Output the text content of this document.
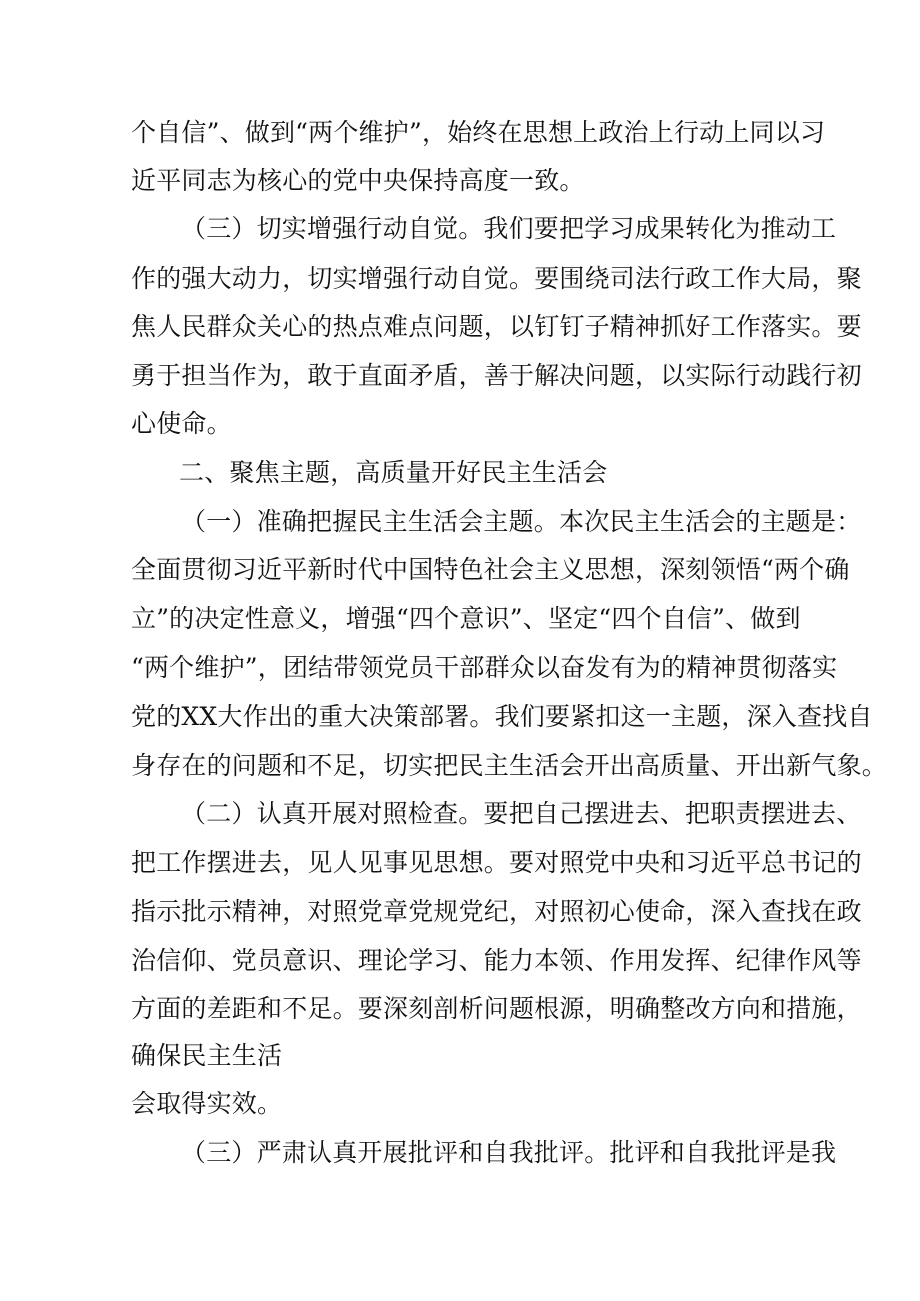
个自信”、做到“两个维护”，始终在思想上政治上行动上同以习
近平同志为核心的党中央保持高度一致。
（三）切实增强行动自觉。我们要把学习成果转化为推动工
作的强大动力，切实增强行动自觉。要围绕司法行政工作大局，聚
焦人民群众关心的热点难点问题，以钉钉子精神抓好工作落实。要
勇于担当作为，敢于直面矛盾，善于解决问题，以实际行动践行初
心使命。
二、聚焦主题，高质量开好民主生活会
（一）准确把握民主生活会主题。本次民主生活会的主题是：
全面贯彻习近平新时代中国特色社会主义思想，深刻领悟“两个确
立”的决定性意义，增强“四个意识”、坚定“四个自信”、做到
“两个维护”，团结带领党员干部群众以奋发有为的精神贯彻落实
党的XX大作出的重大决策部署。我们要紧扣这一主题，深入查找自
身存在的问题和不足，切实把民主生活会开出高质量、开出新气象。
（二）认真开展对照检查。要把自己摆进去、把职责摆进去、
把工作摆进去，见人见事见思想。要对照党中央和习近平总书记的
指示批示精神，对照党章党规党纪，对照初心使命，深入查找在政
治信仰、党员意识、理论学习、能力本领、作用发挥、纪律作风等
方面的差距和不足。要深刻剖析问题根源，明确整改方向和措施，
确保民主生活
会取得实效。
（三）严肃认真开展批评和自我批评。批评和自我批评是我
